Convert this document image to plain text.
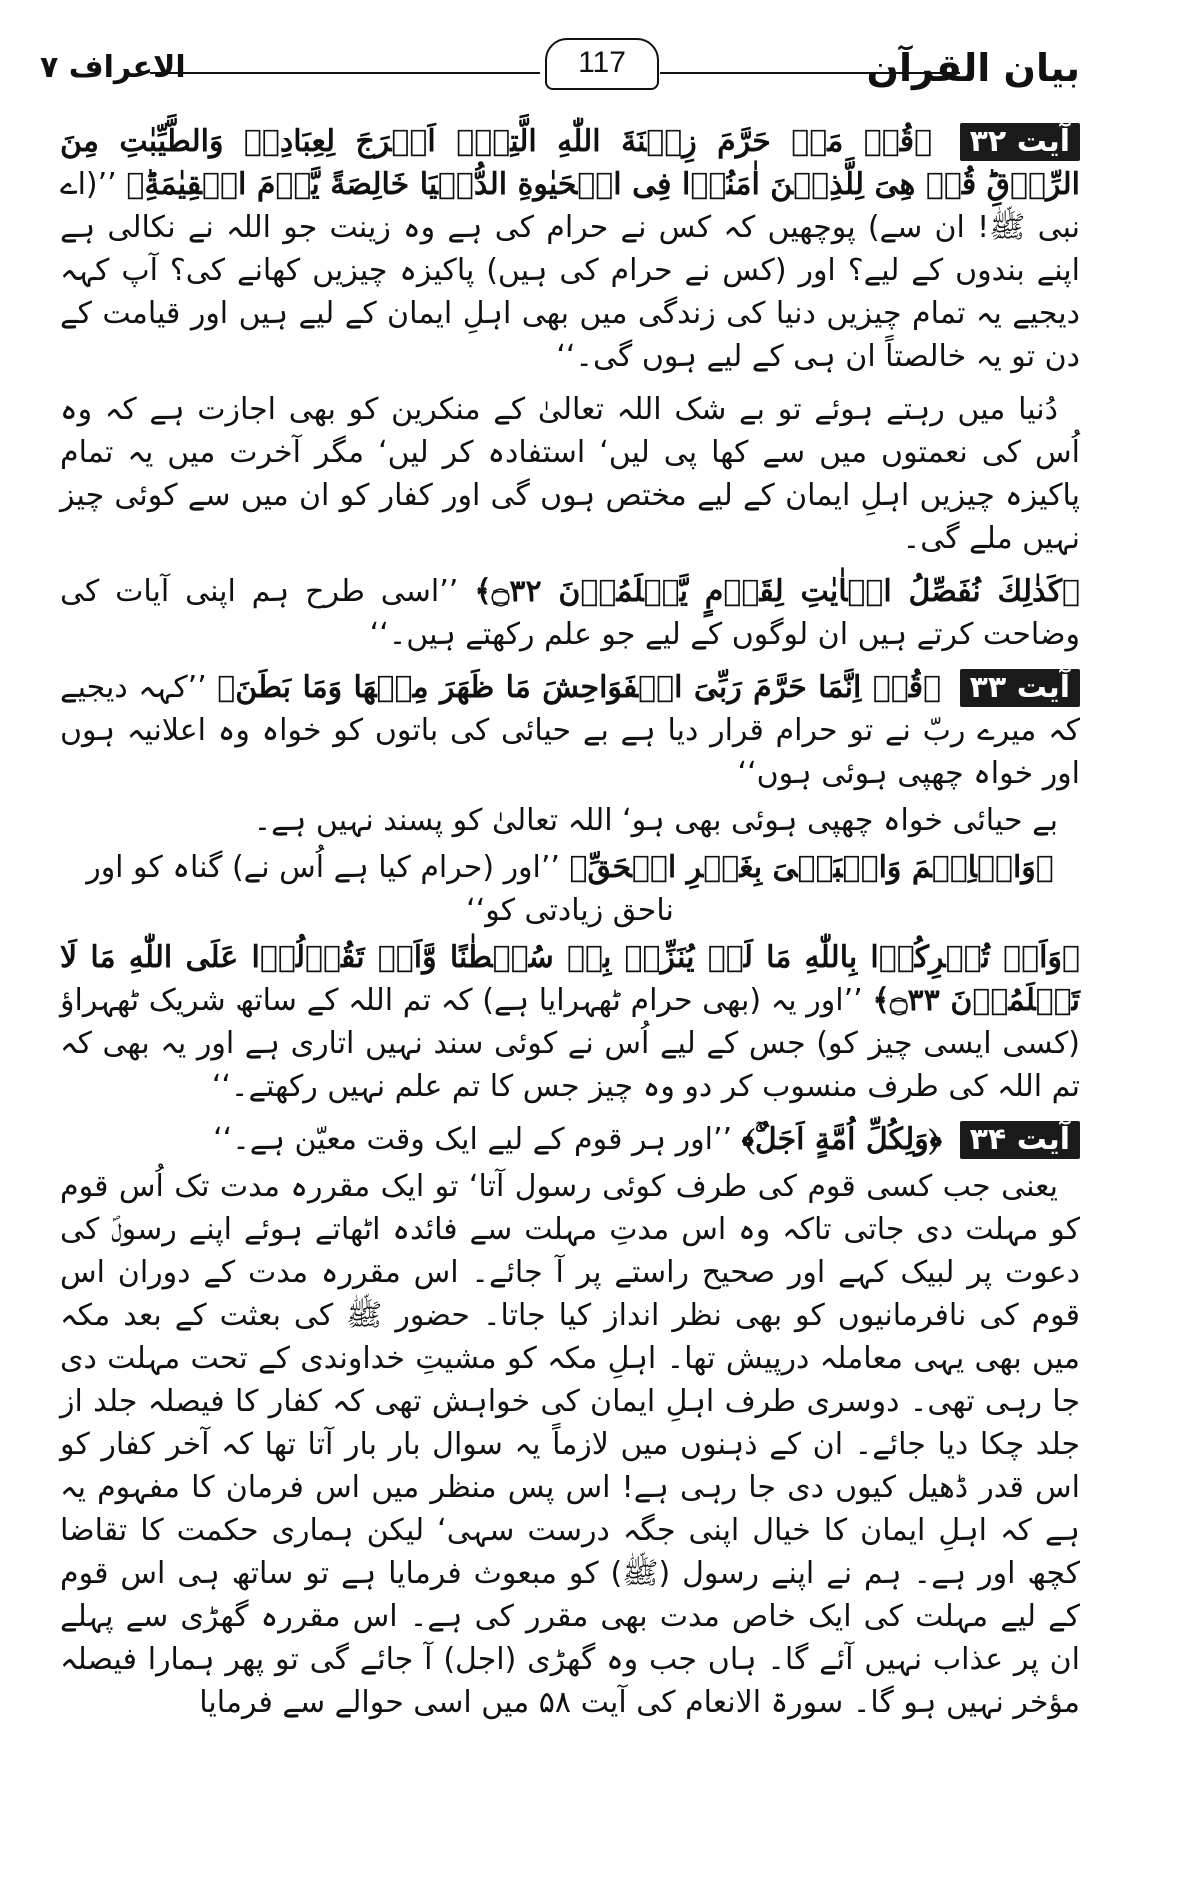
الاعراف ۷	117	بیان القرآن

آیت ۳۲ ﴿قُلۡ مَنۡ حَرَّمَ زِيۡنَةَ اللّٰهِ الَّتِىۡۤ اَخۡرَجَ لِعِبَادِهٖ وَالطَّيِّبٰتِ مِنَ الرِّزۡقِ‌ؕ قُلۡ هِىَ لِلَّذِيۡنَ اٰمَنُوۡا فِى الۡحَيٰوةِ الدُّنۡيَا خَالِصَةً يَّوۡمَ الۡقِيٰمَةِ‌ؕ﴾ ’’(اے نبی ﷺ! ان سے) پوچھیں کہ کس نے حرام کی ہے وہ زینت جو اللہ نے نکالی ہے اپنے بندوں کے لیے؟ اور (کس نے حرام کی ہیں) پاکیزہ چیزیں کھانے کی؟ آپ کہہ دیجیے یہ تمام چیزیں دنیا کی زندگی میں بھی اہلِ ایمان کے لیے ہیں اور قیامت کے دن تو یہ خالصتاً ان ہی کے لیے ہوں گی۔‘‘

دُنیا میں رہتے ہوئے تو بے شک اللہ تعالیٰ کے منکرین کو بھی اجازت ہے کہ وہ اُس کی نعمتوں میں سے کھا پی لیں‘ استفادہ کر لیں‘ مگر آخرت میں یہ تمام پاکیزہ چیزیں اہلِ ایمان کے لیے مختص ہوں گی اور کفار کو ان میں سے کوئی چیز نہیں ملے گی۔

﴿كَذٰلِكَ نُفَصِّلُ الۡاٰيٰتِ لِقَوۡمٍ يَّعۡلَمُوۡنَ ۝۳۲﴾ ’’اسی طرح ہم اپنی آیات کی وضاحت کرتے ہیں ان لوگوں کے لیے جو علم رکھتے ہیں۔‘‘

آیت ۳۳ ﴿قُلۡ اِنَّمَا حَرَّمَ رَبِّىَ الۡفَوَاحِشَ مَا ظَهَرَ مِنۡهَا وَمَا بَطَنَ﴾ ’’کہہ دیجیے کہ میرے ربّ نے تو حرام قرار دیا ہے بے حیائی کی باتوں کو خواہ وہ اعلانیہ ہوں اور خواہ چھپی ہوئی ہوں‘‘

بے حیائی خواہ چھپی ہوئی بھی ہو‘ اللہ تعالیٰ کو پسند نہیں ہے۔

﴿وَالۡاِثۡمَ وَالۡبَغۡىَ بِغَيۡرِ الۡحَقِّ﴾ ’’اور (حرام کیا ہے اُس نے) گناہ کو اور ناحق زیادتی کو‘‘

﴿وَاَنۡ تُشۡرِكُوۡا بِاللّٰهِ مَا لَمۡ يُنَزِّلۡ بِهٖ سُلۡطٰنًا وَّاَنۡ تَقُوۡلُوۡا عَلَى اللّٰهِ مَا لَا تَعۡلَمُوۡنَ ۝۳۳﴾ ’’اور یہ (بھی حرام ٹھہرایا ہے) کہ تم اللہ کے ساتھ شریک ٹھہراؤ (کسی ایسی چیز کو) جس کے لیے اُس نے کوئی سند نہیں اتاری ہے اور یہ بھی کہ تم اللہ کی طرف منسوب کر دو وہ چیز جس کا تم علم نہیں رکھتے۔‘‘

آیت ۳۴ ﴿وَلِكُلِّ اُمَّةٍ اَجَلٌ‌ۚ﴾ ’’اور ہر قوم کے لیے ایک وقت معیّن ہے۔‘‘

یعنی جب کسی قوم کی طرف کوئی رسول آتا‘ تو ایک مقررہ مدت تک اُس قوم کو مہلت دی جاتی تاکہ وہ اس مدتِ مہلت سے فائدہ اٹھاتے ہوئے اپنے رسولؐ کی دعوت پر لبیک کہے اور صحیح راستے پر آ جائے۔ اس مقررہ مدت کے دوران اس قوم کی نافرمانیوں کو بھی نظر انداز کیا جاتا۔ حضور ﷺ کی بعثت کے بعد مکہ میں بھی یہی معاملہ درپیش تھا۔ اہلِ مکہ کو مشیتِ خداوندی کے تحت مہلت دی جا رہی تھی۔ دوسری طرف اہلِ ایمان کی خواہش تھی کہ کفار کا فیصلہ جلد از جلد چکا دیا جائے۔ ان کے ذہنوں میں لازماً یہ سوال بار بار آتا تھا کہ آخر کفار کو اس قدر ڈھیل کیوں دی جا رہی ہے! اس پس منظر میں اس فرمان کا مفہوم یہ ہے کہ اہلِ ایمان کا خیال اپنی جگہ درست سہی‘ لیکن ہماری حکمت کا تقاضا کچھ اور ہے۔ ہم نے اپنے رسول (ﷺ) کو مبعوث فرمایا ہے تو ساتھ ہی اس قوم کے لیے مہلت کی ایک خاص مدت بھی مقرر کی ہے۔ اس مقررہ گھڑی سے پہلے ان پر عذاب نہیں آئے گا۔ ہاں جب وہ گھڑی (اجل) آ جائے گی تو پھر ہمارا فیصلہ مؤخر نہیں ہو گا۔ سورۃ الانعام کی آیت ۵۸ میں اسی حوالے سے فرمایا
